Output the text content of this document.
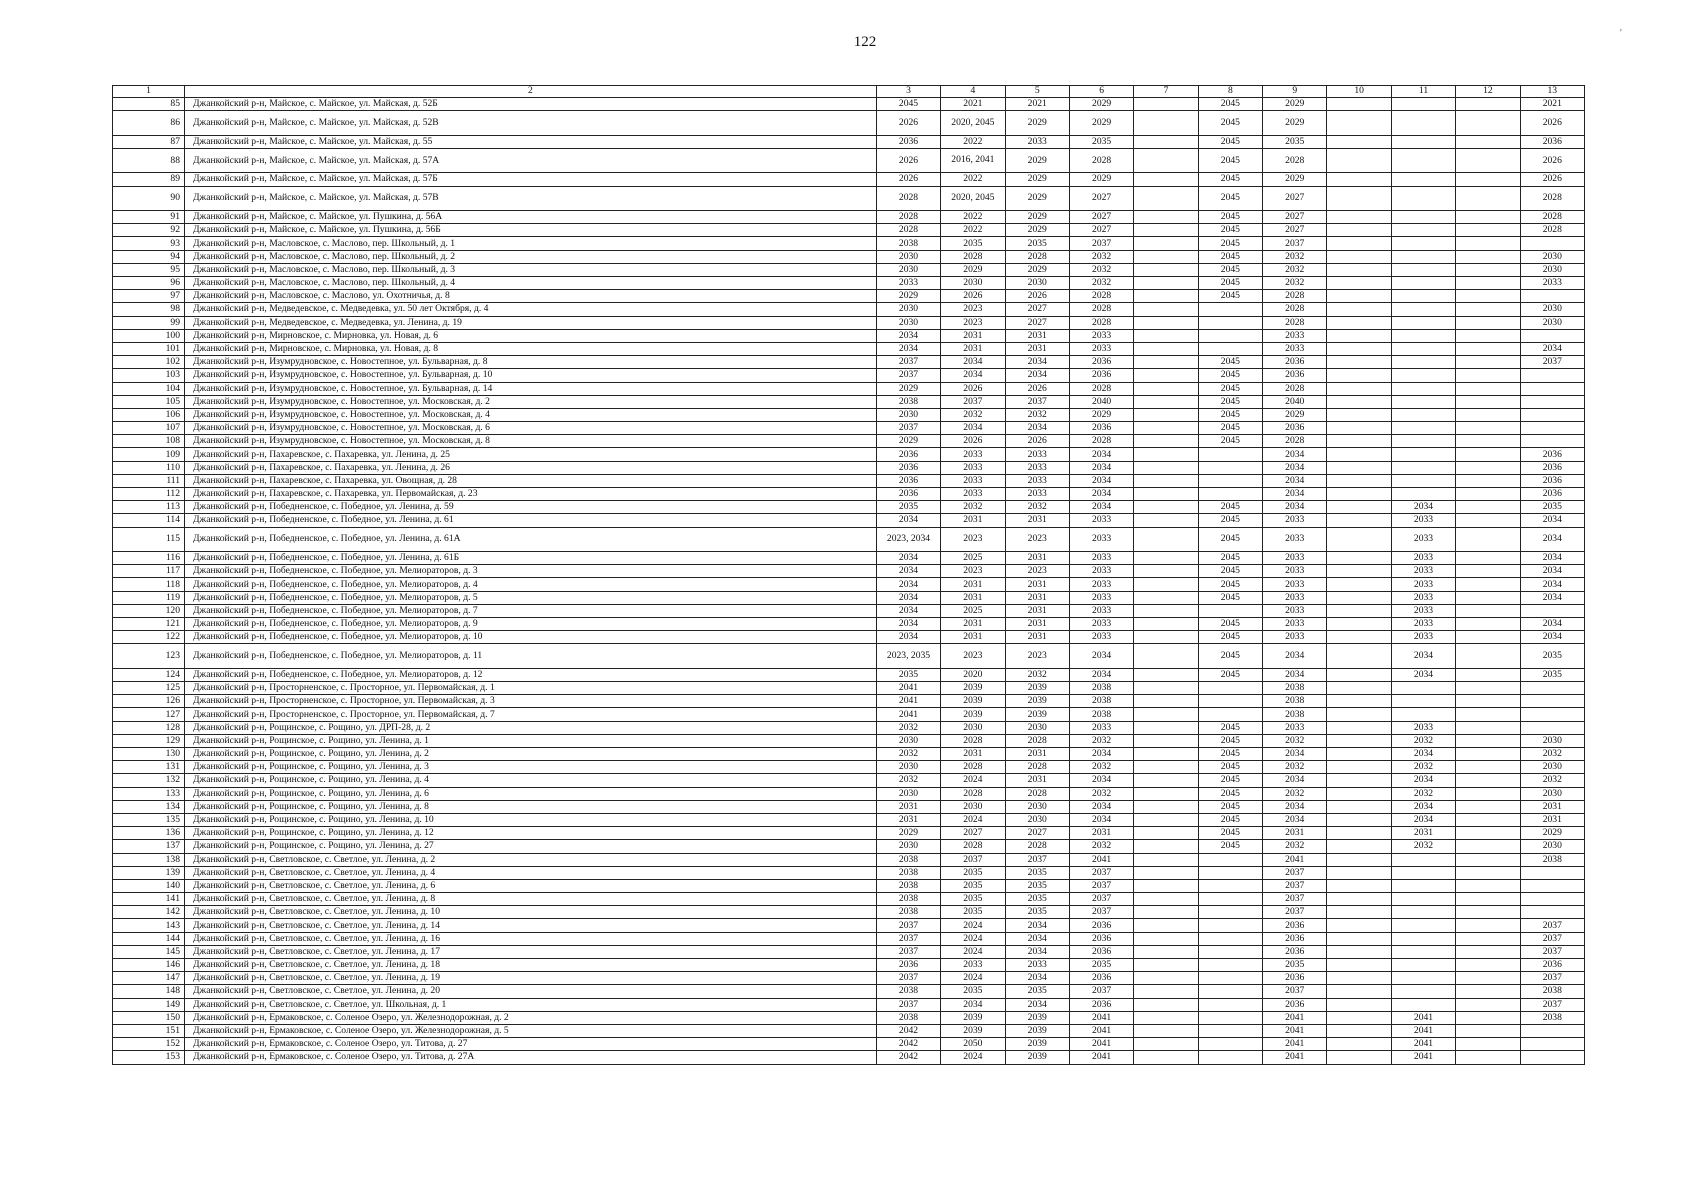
122
'
1	2	3	4	5	6	7	8	9	10	11	12	13
85	Джанкойский р-н, Майское, с. Майское, ул. Майская, д. 52Б	2045	2021	2021	2029		2045	2029				2021
86	Джанкойский р-н, Майское, с. Майское, ул. Майская, д. 52В	2026	2020, 2045	2029	2029		2045	2029				2026
87	Джанкойский р-н, Майское, с. Майское, ул. Майская, д. 55	2036	2022	2033	2035		2045	2035				2036
88	Джанкойский р-н, Майское, с. Майское, ул. Майская, д. 57А	2026	2016, 2041	2029	2028		2045	2028				2026
89	Джанкойский р-н, Майское, с. Майское, ул. Майская, д. 57Б	2026	2022	2029	2029		2045	2029				2026
90	Джанкойский р-н, Майское, с. Майское, ул. Майская, д. 57В	2028	2020, 2045	2029	2027		2045	2027				2028
91	Джанкойский р-н, Майское, с. Майское, ул. Пушкина, д. 56А	2028	2022	2029	2027		2045	2027				2028
92	Джанкойский р-н, Майское, с. Майское, ул. Пушкина, д. 56Б	2028	2022	2029	2027		2045	2027				2028
93	Джанкойский р-н, Масловское, с. Маслово, пер. Школьный, д. 1	2038	2035	2035	2037		2045	2037				
94	Джанкойский р-н, Масловское, с. Маслово, пер. Школьный, д. 2	2030	2028	2028	2032		2045	2032				2030
95	Джанкойский р-н, Масловское, с. Маслово, пер. Школьный, д. 3	2030	2029	2029	2032		2045	2032				2030
96	Джанкойский р-н, Масловское, с. Маслово, пер. Школьный, д. 4	2033	2030	2030	2032		2045	2032				2033
97	Джанкойский р-н, Масловское, с. Маслово, ул. Охотничья, д. 8	2029	2026	2026	2028		2045	2028				
98	Джанкойский р-н, Медведевское, с. Медведевка, ул. 50 лет Октября, д. 4	2030	2023	2027	2028			2028				2030
99	Джанкойский р-н, Медведевское, с. Медведевка, ул. Ленина, д. 19	2030	2023	2027	2028			2028				2030
100	Джанкойский р-н, Мирновское, с. Мирновка, ул. Новая, д. 6	2034	2031	2031	2033			2033				
101	Джанкойский р-н, Мирновское, с. Мирновка, ул. Новая, д. 8	2034	2031	2031	2033			2033				2034
102	Джанкойский р-н, Изумрудновское, с. Новостепное, ул. Бульварная, д. 8	2037	2034	2034	2036		2045	2036				2037
103	Джанкойский р-н, Изумрудновское, с. Новостепное, ул. Бульварная, д. 10	2037	2034	2034	2036		2045	2036				
104	Джанкойский р-н, Изумрудновское, с. Новостепное, ул. Бульварная, д. 14	2029	2026	2026	2028		2045	2028				
105	Джанкойский р-н, Изумрудновское, с. Новостепное, ул. Московская, д. 2	2038	2037	2037	2040		2045	2040				
106	Джанкойский р-н, Изумрудновское, с. Новостепное, ул. Московская, д. 4	2030	2032	2032	2029		2045	2029				
107	Джанкойский р-н, Изумрудновское, с. Новостепное, ул. Московская, д. 6	2037	2034	2034	2036		2045	2036				
108	Джанкойский р-н, Изумрудновское, с. Новостепное, ул. Московская, д. 8	2029	2026	2026	2028		2045	2028				
109	Джанкойский р-н, Пахаревское, с. Пахаревка, ул. Ленина, д. 25	2036	2033	2033	2034			2034				2036
110	Джанкойский р-н, Пахаревское, с. Пахаревка, ул. Ленина, д. 26	2036	2033	2033	2034			2034				2036
111	Джанкойский р-н, Пахаревское, с. Пахаревка, ул. Овощная, д. 28	2036	2033	2033	2034			2034				2036
112	Джанкойский р-н, Пахаревское, с. Пахаревка, ул. Первомайская, д. 23	2036	2033	2033	2034			2034				2036
113	Джанкойский р-н, Победненское, с. Победное, ул. Ленина, д. 59	2035	2032	2032	2034		2045	2034		2034		2035
114	Джанкойский р-н, Победненское, с. Победное, ул. Ленина, д. 61	2034	2031	2031	2033		2045	2033		2033		2034
115	Джанкойский р-н, Победненское, с. Победное, ул. Ленина, д. 61А	2023, 2034	2023	2023	2033		2045	2033		2033		2034
116	Джанкойский р-н, Победненское, с. Победное, ул. Ленина, д. 61Б	2034	2025	2031	2033		2045	2033		2033		2034
117	Джанкойский р-н, Победненское, с. Победное, ул. Мелиораторов, д. 3	2034	2023	2023	2033		2045	2033		2033		2034
118	Джанкойский р-н, Победненское, с. Победное, ул. Мелиораторов, д. 4	2034	2031	2031	2033		2045	2033		2033		2034
119	Джанкойский р-н, Победненское, с. Победное, ул. Мелиораторов, д. 5	2034	2031	2031	2033		2045	2033		2033		2034
120	Джанкойский р-н, Победненское, с. Победное, ул. Мелиораторов, д. 7	2034	2025	2031	2033			2033		2033		
121	Джанкойский р-н, Победненское, с. Победное, ул. Мелиораторов, д. 9	2034	2031	2031	2033		2045	2033		2033		2034
122	Джанкойский р-н, Победненское, с. Победное, ул. Мелиораторов, д. 10	2034	2031	2031	2033		2045	2033		2033		2034
123	Джанкойский р-н, Победненское, с. Победное, ул. Мелиораторов, д. 11	2023, 2035	2023	2023	2034		2045	2034		2034		2035
124	Джанкойский р-н, Победненское, с. Победное, ул. Мелиораторов, д. 12	2035	2020	2032	2034		2045	2034		2034		2035
125	Джанкойский р-н, Просторненское, с. Просторное, ул. Первомайская, д. 1	2041	2039	2039	2038			2038				
126	Джанкойский р-н, Просторненское, с. Просторное, ул. Первомайская, д. 3	2041	2039	2039	2038			2038				
127	Джанкойский р-н, Просторненское, с. Просторное, ул. Первомайская, д. 7	2041	2039	2039	2038			2038				
128	Джанкойский р-н, Рощинское, с. Рощино, ул. ДРП-28, д. 2	2032	2030	2030	2033		2045	2033		2033		
129	Джанкойский р-н, Рощинское, с. Рощино, ул. Ленина, д. 1	2030	2028	2028	2032		2045	2032		2032		2030
130	Джанкойский р-н, Рощинское, с. Рощино, ул. Ленина, д. 2	2032	2031	2031	2034		2045	2034		2034		2032
131	Джанкойский р-н, Рощинское, с. Рощино, ул. Ленина, д. 3	2030	2028	2028	2032		2045	2032		2032		2030
132	Джанкойский р-н, Рощинское, с. Рощино, ул. Ленина, д. 4	2032	2024	2031	2034		2045	2034		2034		2032
133	Джанкойский р-н, Рощинское, с. Рощино, ул. Ленина, д. 6	2030	2028	2028	2032		2045	2032		2032		2030
134	Джанкойский р-н, Рощинское, с. Рощино, ул. Ленина, д. 8	2031	2030	2030	2034		2045	2034		2034		2031
135	Джанкойский р-н, Рощинское, с. Рощино, ул. Ленина, д. 10	2031	2024	2030	2034		2045	2034		2034		2031
136	Джанкойский р-н, Рощинское, с. Рощино, ул. Ленина, д. 12	2029	2027	2027	2031		2045	2031		2031		2029
137	Джанкойский р-н, Рощинское, с. Рощино, ул. Ленина, д. 27	2030	2028	2028	2032		2045	2032		2032		2030
138	Джанкойский р-н, Светловское, с. Светлое, ул. Ленина, д. 2	2038	2037	2037	2041			2041				2038
139	Джанкойский р-н, Светловское, с. Светлое, ул. Ленина, д. 4	2038	2035	2035	2037			2037				
140	Джанкойский р-н, Светловское, с. Светлое, ул. Ленина, д. 6	2038	2035	2035	2037			2037				
141	Джанкойский р-н, Светловское, с. Светлое, ул. Ленина, д. 8	2038	2035	2035	2037			2037				
142	Джанкойский р-н, Светловское, с. Светлое, ул. Ленина, д. 10	2038	2035	2035	2037			2037				
143	Джанкойский р-н, Светловское, с. Светлое, ул. Ленина, д. 14	2037	2024	2034	2036			2036				2037
144	Джанкойский р-н, Светловское, с. Светлое, ул. Ленина, д. 16	2037	2024	2034	2036			2036				2037
145	Джанкойский р-н, Светловское, с. Светлое, ул. Ленина, д. 17	2037	2024	2034	2036			2036				2037
146	Джанкойский р-н, Светловское, с. Светлое, ул. Ленина, д. 18	2036	2033	2033	2035			2035				2036
147	Джанкойский р-н, Светловское, с. Светлое, ул. Ленина, д. 19	2037	2024	2034	2036			2036				2037
148	Джанкойский р-н, Светловское, с. Светлое, ул. Ленина, д. 20	2038	2035	2035	2037			2037				2038
149	Джанкойский р-н, Светловское, с. Светлое, ул. Школьная, д. 1	2037	2034	2034	2036			2036				2037
150	Джанкойский р-н, Ермаковское, с. Соленое Озеро, ул. Железнодорожная, д. 2	2038	2039	2039	2041			2041		2041		2038
151	Джанкойский р-н, Ермаковское, с. Соленое Озеро, ул. Железнодорожная, д. 5	2042	2039	2039	2041			2041		2041		
152	Джанкойский р-н, Ермаковское, с. Соленое Озеро, ул. Титова, д. 27	2042	2050	2039	2041			2041		2041		
153	Джанкойский р-н, Ермаковское, с. Соленое Озеро, ул. Титова, д. 27А	2042	2024	2039	2041			2041		2041		
